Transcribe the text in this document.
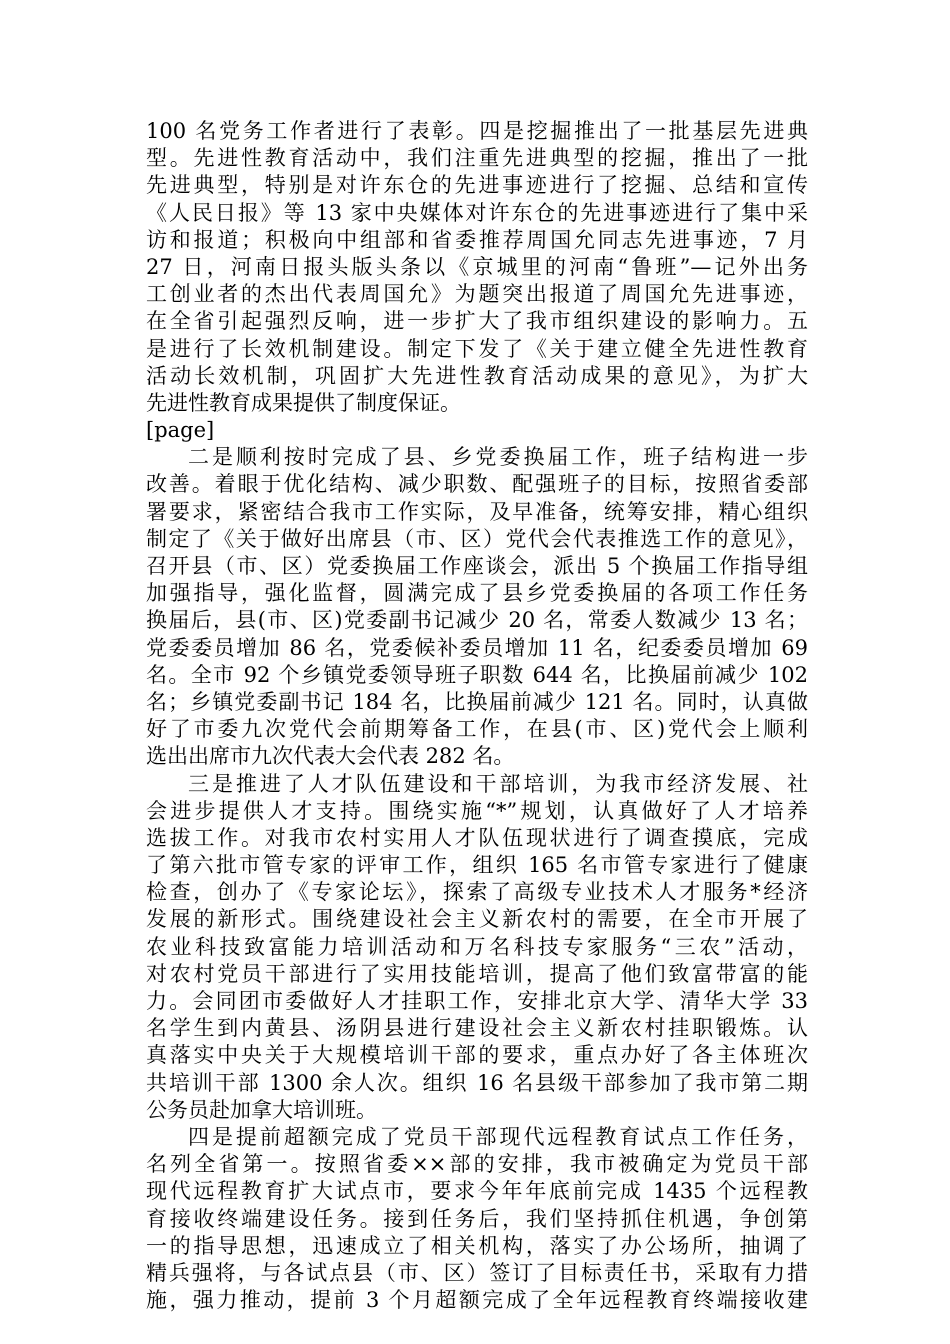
100 名党务工作者进行了表彰。四是挖掘推出了一批基层先进典
型。先进性教育活动中，我们注重先进典型的挖掘，推出了一批
先进典型，特别是对许东仓的先进事迹进行了挖掘、总结和宣传
《人民日报》等 13 家中央媒体对许东仓的先进事迹进行了集中采
访和报道；积极向中组部和省委推荐周国允同志先进事迹，7 月
27 日，河南日报头版头条以《京城里的河南“鲁班”—记外出务
工创业者的杰出代表周国允》为题突出报道了周国允先进事迹，
在全省引起强烈反响，进一步扩大了我市组织建设的影响力。五
是进行了长效机制建设。制定下发了《关于建立健全先进性教育
活动长效机制，巩固扩大先进性教育活动成果的意见》，为扩大
先进性教育成果提供了制度保证。
[page]
二是顺利按时完成了县、乡党委换届工作，班子结构进一步
改善。着眼于优化结构、减少职数、配强班子的目标，按照省委部
署要求，紧密结合我市工作实际，及早准备，统筹安排，精心组织
制定了《关于做好出席县（市、区）党代会代表推选工作的意见》，
召开县（市、区）党委换届工作座谈会，派出 5 个换届工作指导组
加强指导，强化监督，圆满完成了县乡党委换届的各项工作任务
换届后，县(市、区)党委副书记减少 20 名，常委人数减少 13 名；
党委委员增加 86 名，党委候补委员增加 11 名，纪委委员增加 69
名。全市 92 个乡镇党委领导班子职数 644 名，比换届前减少 102
名；乡镇党委副书记 184 名，比换届前减少 121 名。同时，认真做
好了市委九次党代会前期筹备工作，在县(市、区)党代会上顺利
选出出席市九次代表大会代表 282 名。
三是推进了人才队伍建设和干部培训，为我市经济发展、社
会进步提供人才支持。围绕实施“*”规划，认真做好了人才培养
选拔工作。对我市农村实用人才队伍现状进行了调查摸底，完成
了第六批市管专家的评审工作，组织 165 名市管专家进行了健康
检查，创办了《专家论坛》，探索了高级专业技术人才服务*经济
发展的新形式。围绕建设社会主义新农村的需要，在全市开展了
农业科技致富能力培训活动和万名科技专家服务“三农”活动，
对农村党员干部进行了实用技能培训，提高了他们致富带富的能
力。会同团市委做好人才挂职工作，安排北京大学、清华大学 33
名学生到内黄县、汤阴县进行建设社会主义新农村挂职锻炼。认
真落实中央关于大规模培训干部的要求，重点办好了各主体班次
共培训干部 1300 余人次。组织 16 名县级干部参加了我市第二期
公务员赴加拿大培训班。
四是提前超额完成了党员干部现代远程教育试点工作任务，
名列全省第一。按照省委××部的安排，我市被确定为党员干部
现代远程教育扩大试点市，要求今年年底前完成 1435 个远程教
育接收终端建设任务。接到任务后，我们坚持抓住机遇，争创第
一的指导思想，迅速成立了相关机构，落实了办公场所，抽调了
精兵强将，与各试点县（市、区）签订了目标责任书，采取有力措
施，强力推动，提前 3 个月超额完成了全年远程教育终端接收建
